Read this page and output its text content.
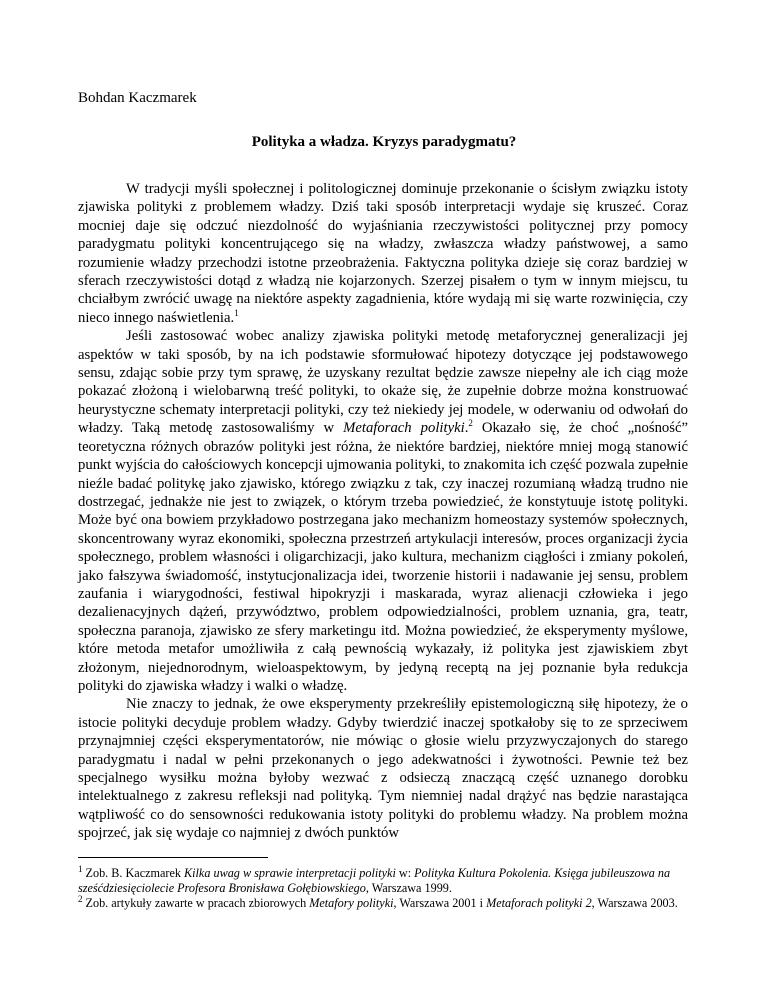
Bohdan Kaczmarek
Polityka a władza. Kryzys paradygmatu?

W tradycji myśli społecznej i politologicznej dominuje przekonanie o ścisłym związku istoty zjawiska polityki z problemem władzy. Dziś taki sposób interpretacji wydaje się kruszeć. Coraz mocniej daje się odczuć niezdolność do wyjaśniania rzeczywistości politycznej przy pomocy paradygmatu polityki koncentrującego się na władzy, zwłaszcza władzy państwowej, a samo rozumienie władzy przechodzi istotne przeobrażenia. Faktyczna polityka dzieje się coraz bardziej w sferach rzeczywistości dotąd z władzą nie kojarzonych. Szerzej pisałem o tym w innym miejscu, tu chciałbym zwrócić uwagę na niektóre aspekty zagadnienia, które wydają mi się warte rozwinięcia, czy nieco innego naświetlenia.$^1$

Jeśli zastosować wobec analizy zjawiska polityki metodę metaforycznej generalizacji jej aspektów w taki sposób, by na ich podstawie sformułować hipotezy dotyczące jej podstawowego sensu, zdając sobie przy tym sprawę, że uzyskany rezultat będzie zawsze niepełny ale ich ciąg może pokazać złożoną i wielobarwną treść polityki, to okaże się, że zupełnie dobrze można konstruować heurystyczne schematy interpretacji polityki, czy też niekiedy jej modele, w oderwaniu od odwołań do władzy. Taką metodę zastosowaliśmy w Metaforach polityki.$^2$ Okazało się, że choć „nośność” teoretyczna różnych obrazów polityki jest różna, że niektóre bardziej, niektóre mniej mogą stanowić punkt wyjścia do całościowych koncepcji ujmowania polityki, to znakomita ich część pozwala zupełnie nieźle badać politykę jako zjawisko, którego związku z tak, czy inaczej rozumianą władzą trudno nie dostrzegać, jednakże nie jest to związek, o którym trzeba powiedzieć, że konstytuuje istotę polityki. Może być ona bowiem przykładowo postrzegana jako mechanizm homeostazy systemów społecznych, skoncentrowany wyraz ekonomiki, społeczna przestrzeń artykulacji interesów, proces organizacji życia społecznego, problem własności i oligarchizacji, jako kultura, mechanizm ciągłości i zmiany pokoleń, jako fałszywa świadomość, instytucjonalizacja idei, tworzenie historii i nadawanie jej sensu, problem zaufania i wiarygodności, festiwal hipokryzji i maskarada, wyraz alienacji człowieka i jego dezalienacyjnych dążeń, przywództwo, problem odpowiedzialności, problem uznania, gra, teatr, społeczna paranoja, zjawisko ze sfery marketingu itd. Można powiedzieć, że eksperymenty myślowe, które metoda metafor umożliwiła z całą pewnością wykazały, iż polityka jest zjawiskiem zbyt złożonym, niejednorodnym, wieloaspektowym, by jedyną receptą na jej poznanie była redukcja polityki do zjawiska władzy i walki o władzę.

Nie znaczy to jednak, że owe eksperymenty przekreśliły epistemologiczną siłę hipotezy, że o istocie polityki decyduje problem władzy. Gdyby twierdzić inaczej spotkałoby się to ze sprzeciwem przynajmniej części eksperymentatorów, nie mówiąc o głosie wielu przyzwyczajonych do starego paradygmatu i nadal w pełni przekonanych o jego adekwatności i żywotności. Pewnie też bez specjalnego wysiłku można byłoby wezwać z odsieczą znaczącą część uznanego dorobku intelektualnego z zakresu refleksji nad polityką. Tym niemniej nadal drążyć nas będzie narastająca wątpliwość co do sensowności redukowania istoty polityki do problemu władzy. Na problem można spojrzeć, jak się wydaje co najmniej z dwóch punktów

$^1$ Zob. B. Kaczmarek Kilka uwag w sprawie interpretacji polityki w: Polityka Kultura Pokolenia. Księga jubileuszowa na sześćdziesięciolecie Profesora Bronisława Gołębiowskiego, Warszawa 1999.

$^2$ Zob. artykuły zawarte w pracach zbiorowych Metafory polityki, Warszawa 2001 i Metaforach polityki 2, Warszawa 2003.
